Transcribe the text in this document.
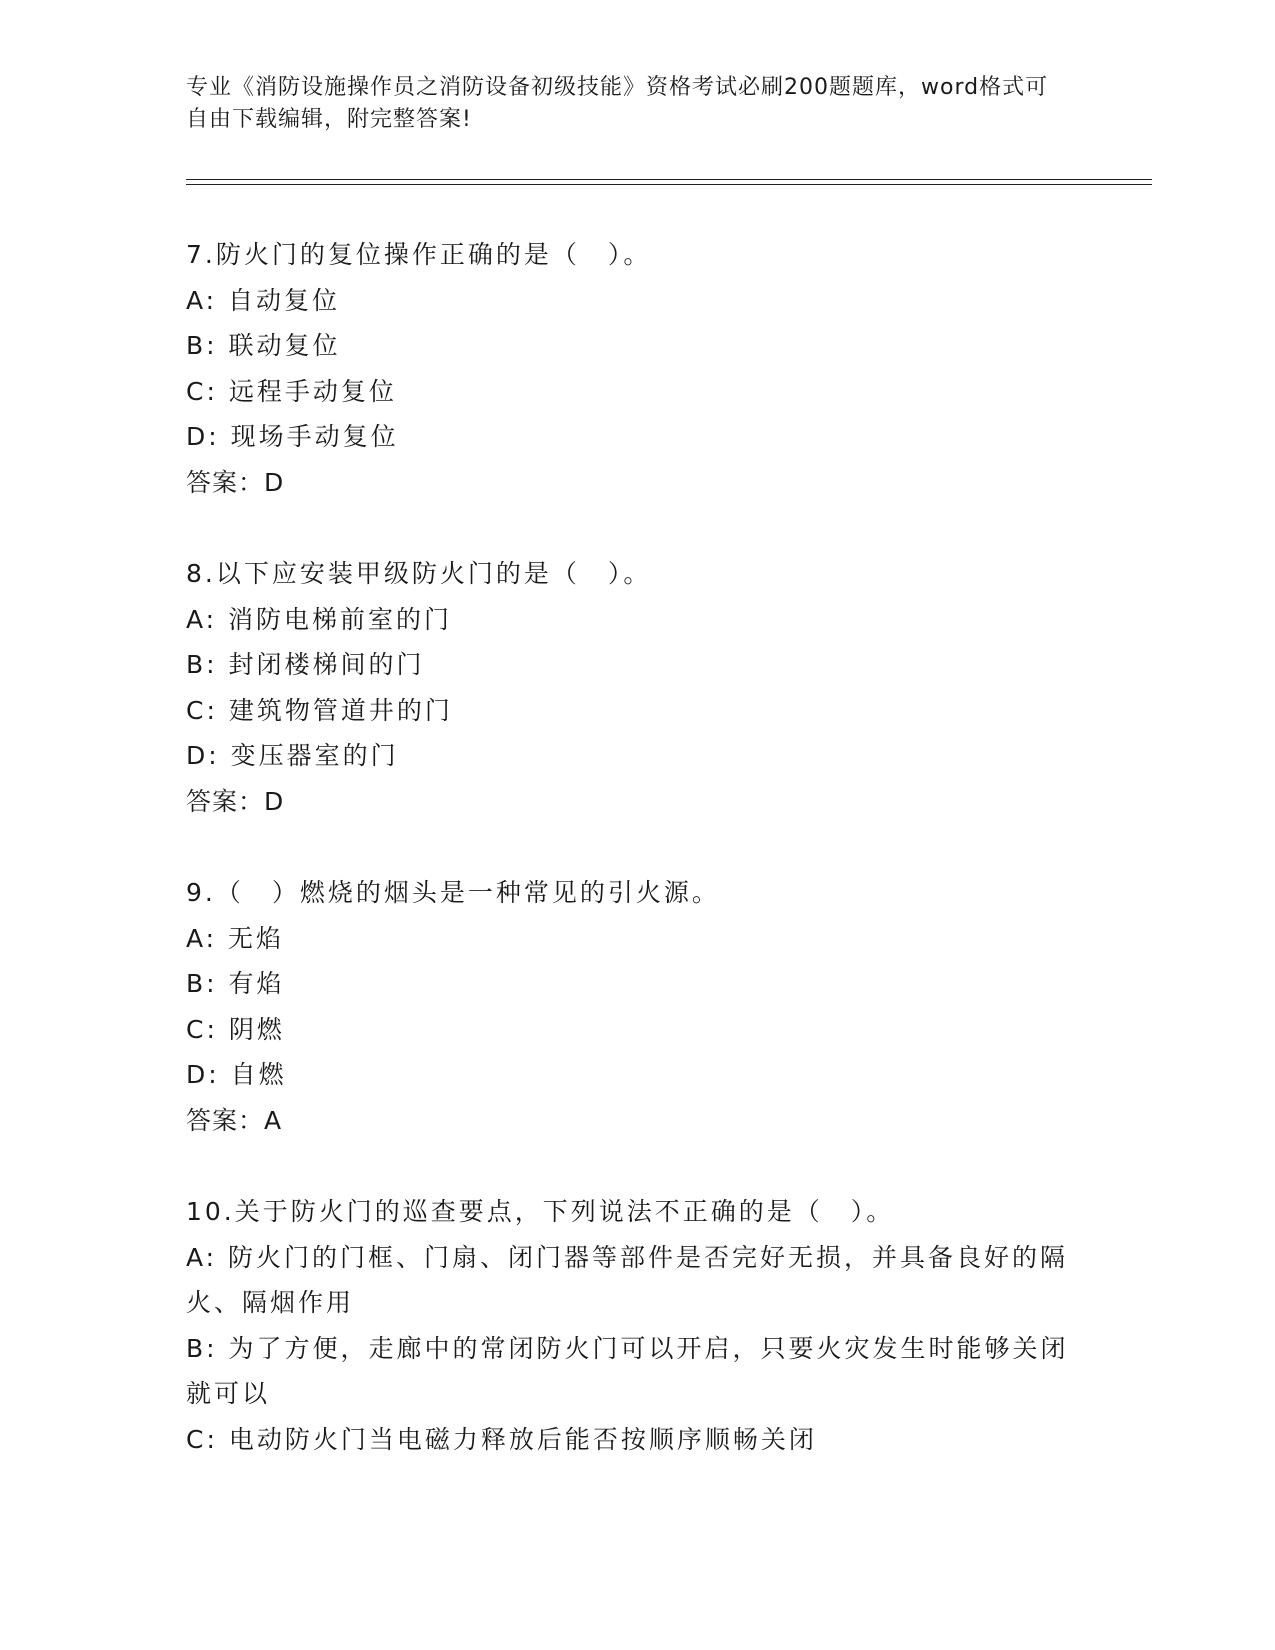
专业《消防设施操作员之消防设备初级技能》资格考试必刷200题题库，word格式可自由下载编辑，附完整答案!
7.防火门的复位操作正确的是（　）。
A: 自动复位
B: 联动复位
C: 远程手动复位
D: 现场手动复位
答案：D
8.以下应安装甲级防火门的是（　）。
A: 消防电梯前室的门
B: 封闭楼梯间的门
C: 建筑物管道井的门
D: 变压器室的门
答案：D
9.（　）燃烧的烟头是一种常见的引火源。
A: 无焰
B: 有焰
C: 阴燃
D: 自燃
答案：A
10.关于防火门的巡查要点，下列说法不正确的是（　）。
A: 防火门的门框、门扇、闭门器等部件是否完好无损，并具备良好的隔火、隔烟作用
B: 为了方便，走廊中的常闭防火门可以开启，只要火灾发生时能够关闭就可以
C: 电动防火门当电磁力释放后能否按顺序顺畅关闭
